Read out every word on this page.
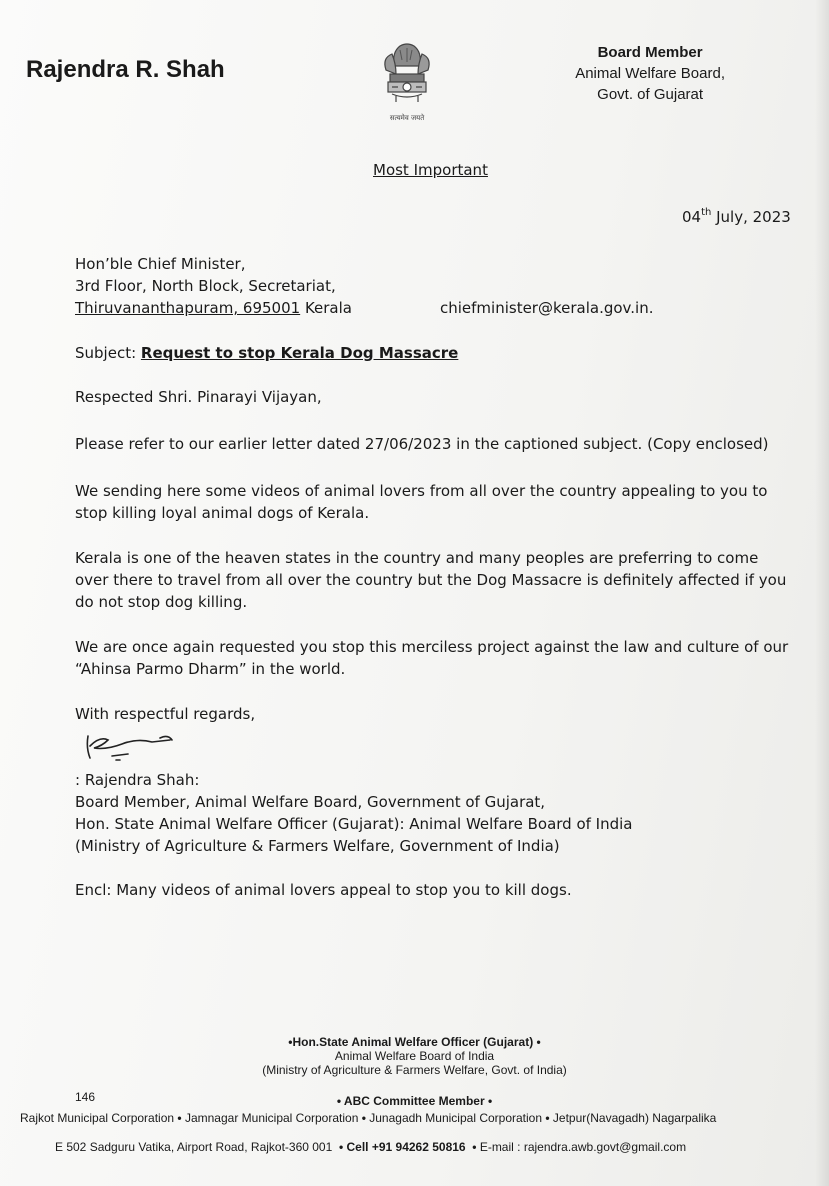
Rajendra R. Shah
सत्यमेव जयते
Board Member
Animal Welfare Board,
Govt. of Gujarat
Most Important
04th July, 2023
Hon’ble Chief Minister,
3rd Floor, North Block, Secretariat,
Thiruvananthapuram, 695001 Kerala	chiefminister@kerala.gov.in.
Subject: Request to stop Kerala Dog Massacre
Respected Shri. Pinarayi Vijayan,
Please refer to our earlier letter dated 27/06/2023 in the captioned subject. (Copy enclosed)
We sending here some videos of animal lovers from all over the country appealing to you to stop killing loyal animal dogs of Kerala.
Kerala is one of the heaven states in the country and many peoples are preferring to come over there to travel from all over the country but the Dog Massacre is definitely affected if you do not stop dog killing.
We are once again requested you stop this merciless project against the law and culture of our “Ahinsa Parmo Dharm” in the world.
With respectful regards,
: Rajendra Shah:
Board Member, Animal Welfare Board, Government of Gujarat,
Hon. State Animal Welfare Officer (Gujarat): Animal Welfare Board of India
(Ministry of Agriculture & Farmers Welfare, Government of India)
Encl: Many videos of animal lovers appeal to stop you to kill dogs.
•Hon.State Animal Welfare Officer (Gujarat) •
Animal Welfare Board of India
(Ministry of Agriculture & Farmers Welfare, Govt. of India)
146	• ABC Committee Member •
Rajkot Municipal Corporation • Jamnagar Municipal Corporation • Junagadh Municipal Corporation • Jetpur(Navagadh) Nagarpalika
E 502 Sadguru Vatika, Airport Road, Rajkot-360 001  • Cell +91 94262 50816  • E-mail : rajendra.awb.govt@gmail.com
